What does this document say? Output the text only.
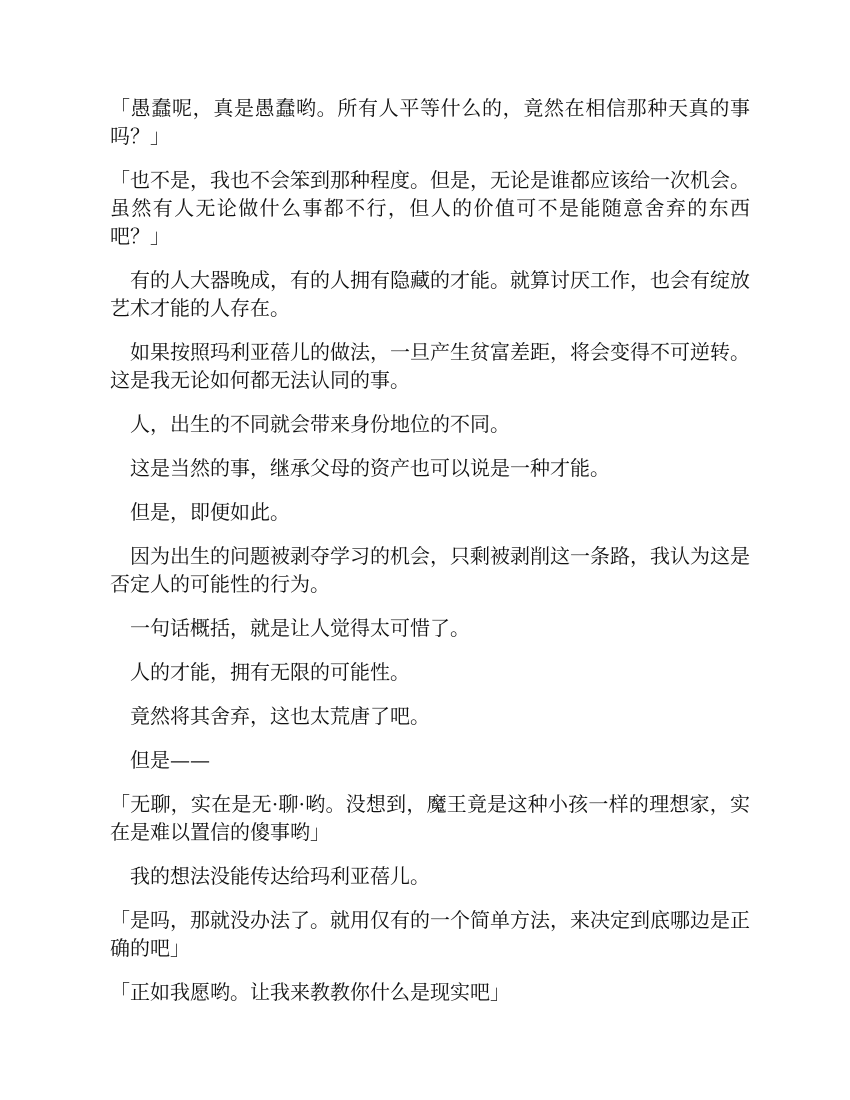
「愚蠢呢，真是愚蠢哟。所有人平等什么的，竟然在相信那种天真的事吗？」

「也不是，我也不会笨到那种程度。但是，无论是谁都应该给一次机会。虽然有人无论做什么事都不行，但人的价值可不是能随意舍弃的东西吧？」

有的人大器晚成，有的人拥有隐藏的才能。就算讨厌工作，也会有绽放艺术才能的人存在。

如果按照玛利亚蓓儿的做法，一旦产生贫富差距，将会变得不可逆转。这是我无论如何都无法认同的事。

人，出生的不同就会带来身份地位的不同。

这是当然的事，继承父母的资产也可以说是一种才能。

但是，即便如此。

因为出生的问题被剥夺学习的机会，只剩被剥削这一条路，我认为这是否定人的可能性的行为。

一句话概括，就是让人觉得太可惜了。

人的才能，拥有无限的可能性。

竟然将其舍弃，这也太荒唐了吧。

但是——

「无聊，实在是无·聊·哟。没想到，魔王竟是这种小孩一样的理想家，实在是难以置信的傻事哟」

我的想法没能传达给玛利亚蓓儿。

「是吗，那就没办法了。就用仅有的一个简单方法，来决定到底哪边是正确的吧」

「正如我愿哟。让我来教教你什么是现实吧」
